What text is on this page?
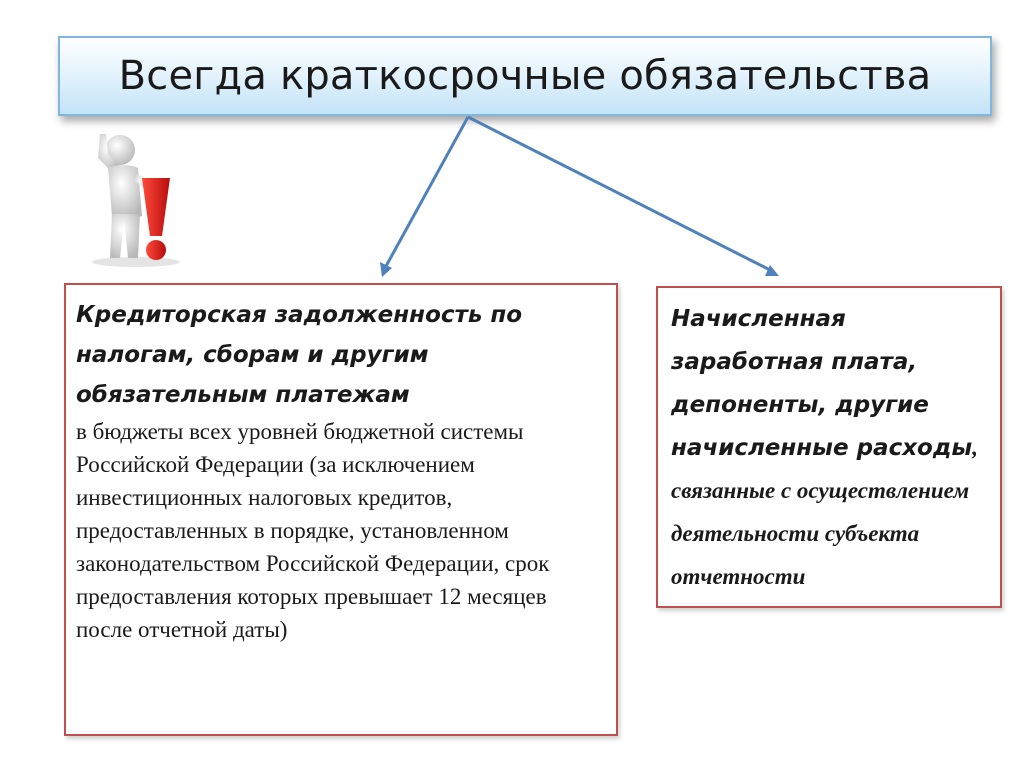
Всегда краткосрочные обязательства
Кредиторская задолженность по налогам, сборам и другим обязательным платежам
в бюджеты всех уровней бюджетной системы Российской Федерации (за исключением инвестиционных налоговых кредитов, предоставленных в порядке, установленном законодательством Российской Федерации, срок предоставления которых превышает 12 месяцев после отчетной даты)

Начисленная заработная плата, депоненты, другие начисленные расходы, связанные с осуществлением деятельности субъекта отчетности
